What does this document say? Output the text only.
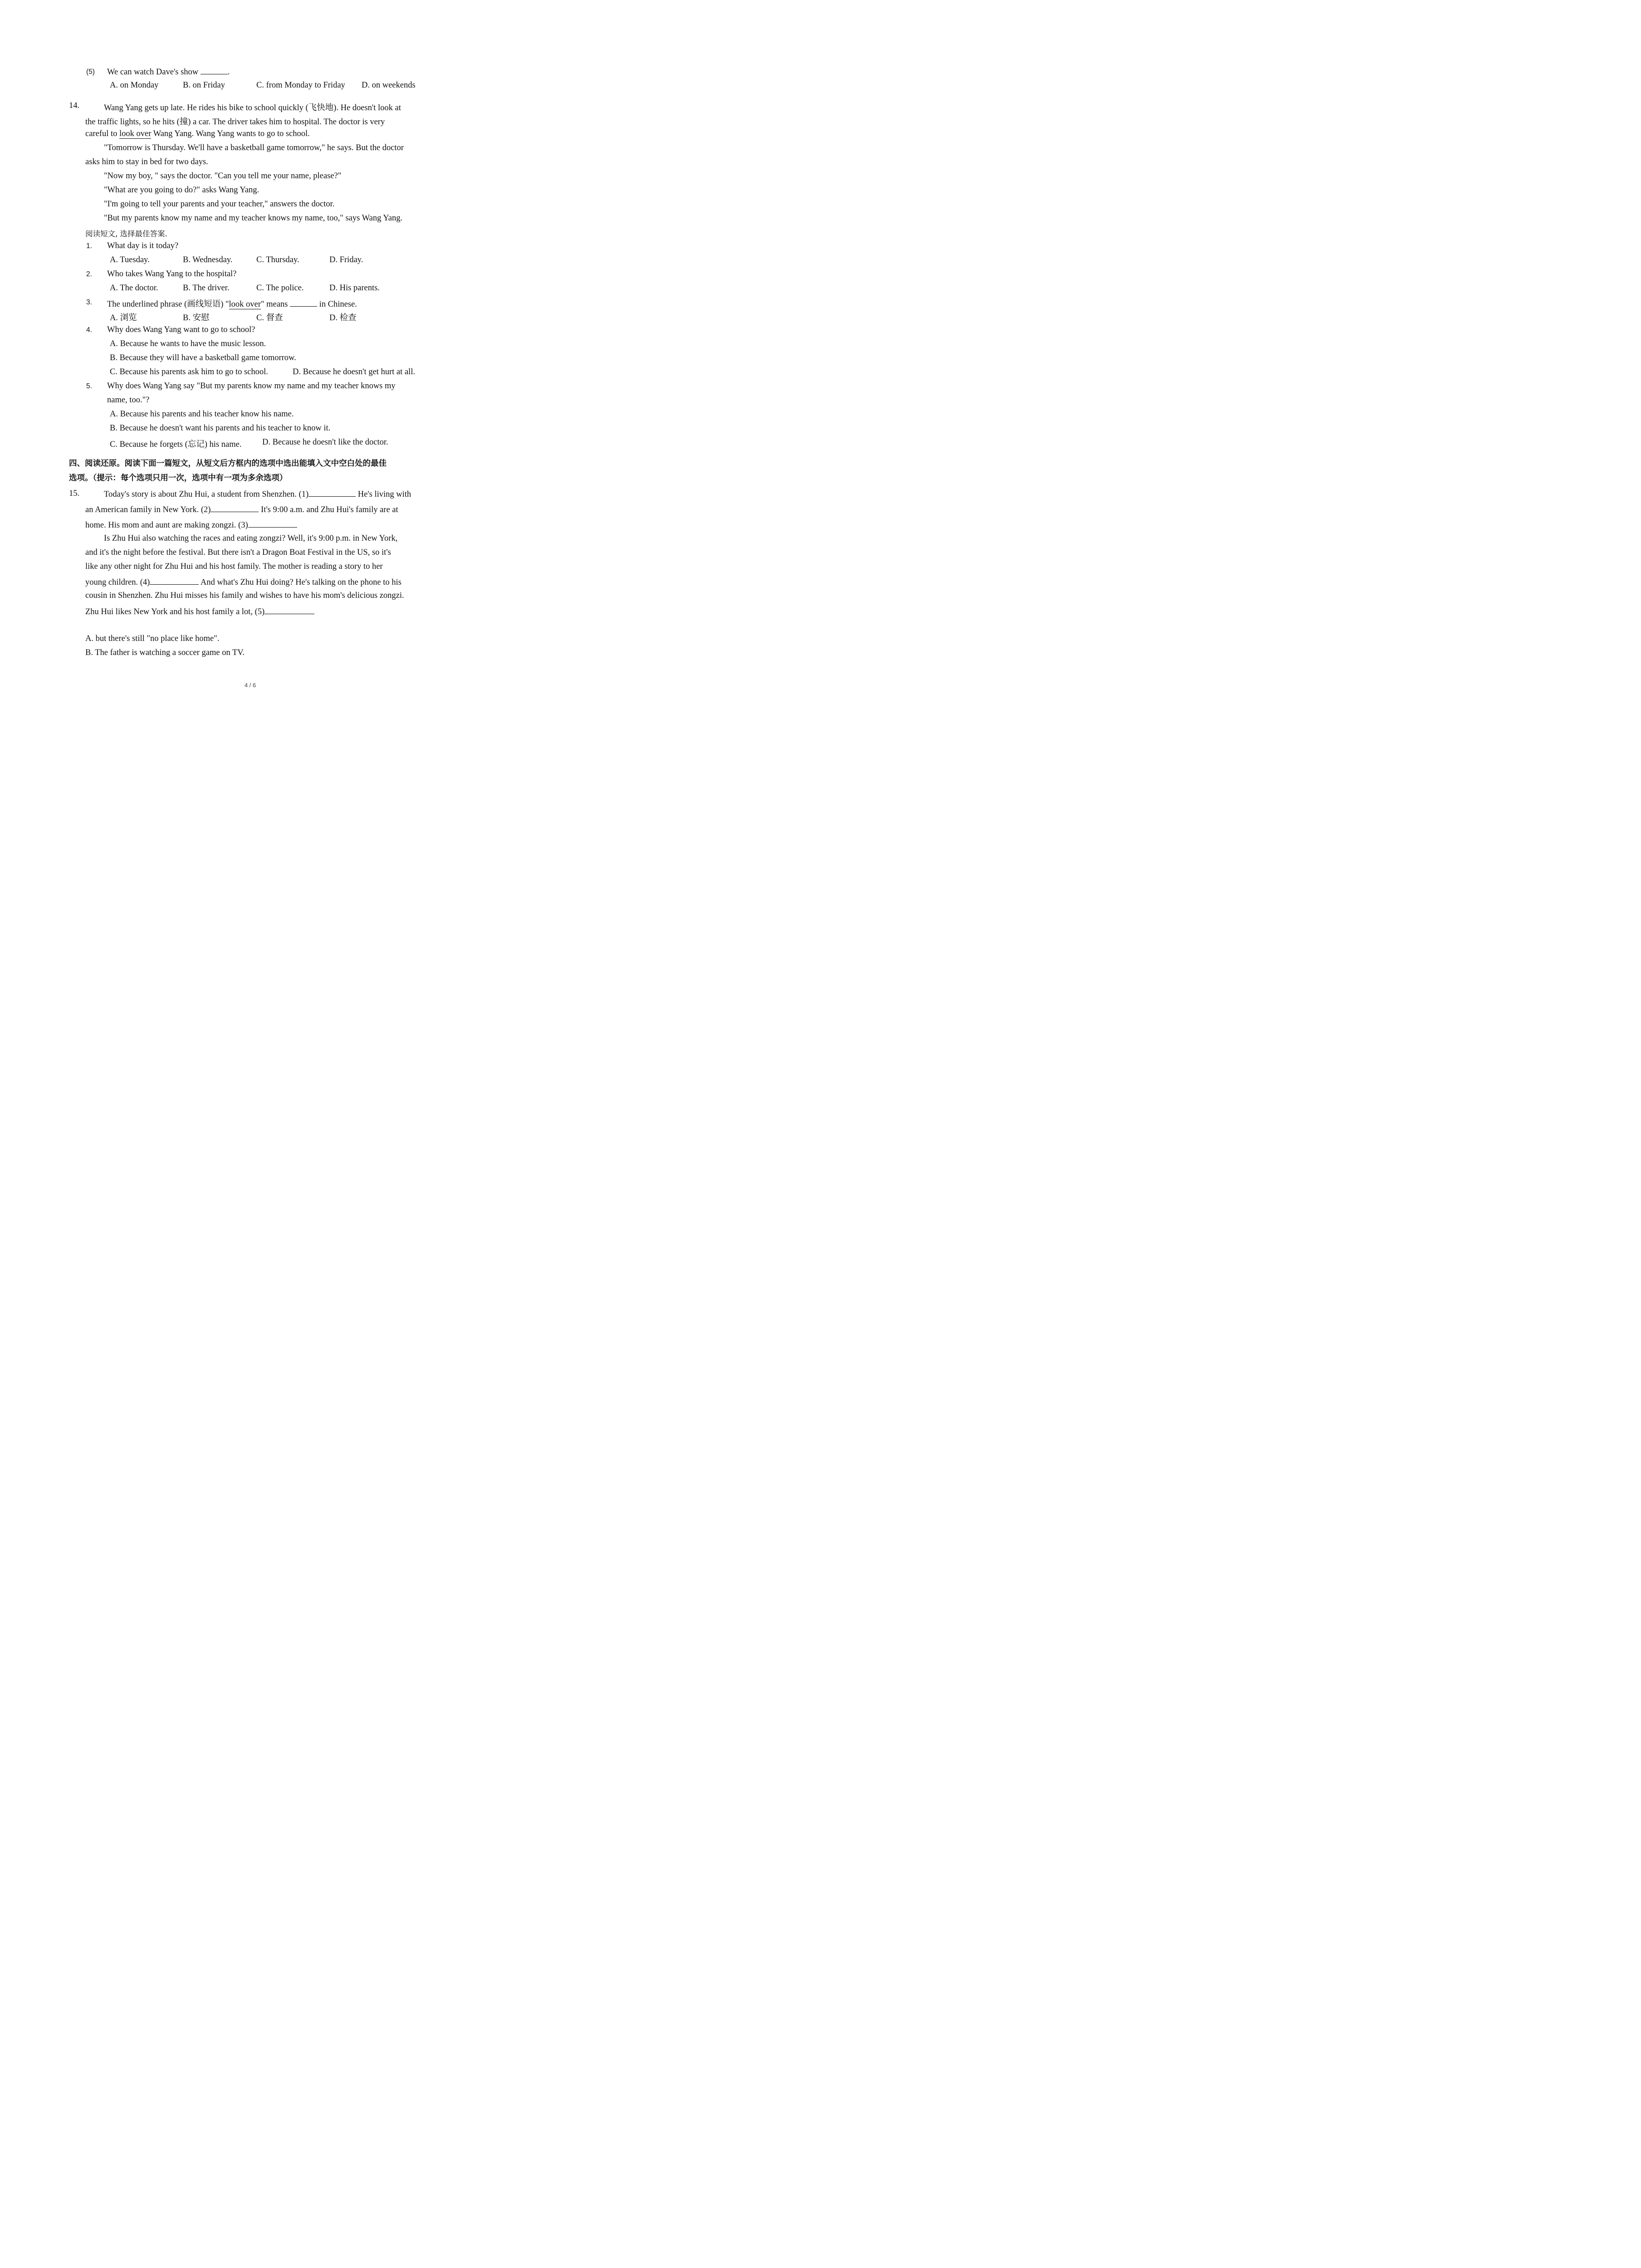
(5) We can watch Dave's show	.
A. on Monday	B. on Friday	C. from Monday to Friday D. on weekends
14.	Wang Yang gets up late. He rides his bike to school quickly (飞快地). He doesn't look at
the traffic lights, so he hits (撞) a car. The driver takes him to hospital. The doctor is very
careful to look over Wang Yang. Wang Yang wants to go to school.
"Tomorrow is Thursday. We'll have a basketball game tomorrow," he says. But the doctor
asks him to stay in bed for two days.
"Now my boy, " says the doctor. "Can you tell me your name, please?"
"What are you going to do?" asks Wang Yang.
"I'm going to tell your parents and your teacher," answers the doctor.
"But my parents know my name and my teacher knows my name, too," says Wang Yang.
阅读短文, 选择最佳答案.
1. What day is it today?
A. Tuesday.	B. Wednesday.	C. Thursday.	D. Friday.
2. Who takes Wang Yang to the hospital?
A. The doctor.	B. The driver.	C. The police.	D. His parents.
3. The underlined phrase (画线短语) "look over" means	in Chinese.
A. 浏览	B. 安慰	C. 督查	D. 检查
4. Why does Wang Yang want to go to school?
A. Because he wants to have the music lesson.
B. Because they will have a basketball game tomorrow.
C. Because his parents ask him to go to school.	D. Because he doesn't get hurt at all.
5. Why does Wang Yang say "But my parents know my name and my teacher knows my
name, too."?
A. Because his parents and his teacher know his name.
B. Because he doesn't want his parents and his teacher to know it.
C. Because he forgets (忘记) his name. D. Because he doesn't like the doctor.
四、阅读还原。阅读下面一篇短文，从短文后方框内的选项中选出能填入文中空白处的最佳
选项。（提示：每个选项只用一次，选项中有一项为多余选项）
15.	Today's story is about Zhu Hui, a student from Shenzhen. (1)	He's living with
an American family in New York. (2)	It's 9:00 a.m. and Zhu Hui's family are at
home. His mom and aunt are making zongzi. (3)
Is Zhu Hui also watching the races and eating zongzi? Well, it's 9:00 p.m. in New York,
and it's the night before the festival. But there isn't a Dragon Boat Festival in the US, so it's
like any other night for Zhu Hui and his host family. The mother is reading a story to her
young children. (4)	And what's Zhu Hui doing? He's talking on the phone to his
cousin in Shenzhen. Zhu Hui misses his family and wishes to have his mom's delicious zongzi.
Zhu Hui likes New York and his host family a lot, (5)
A. but there's still "no place like home".
B. The father is watching a soccer game on TV.
4 / 6
